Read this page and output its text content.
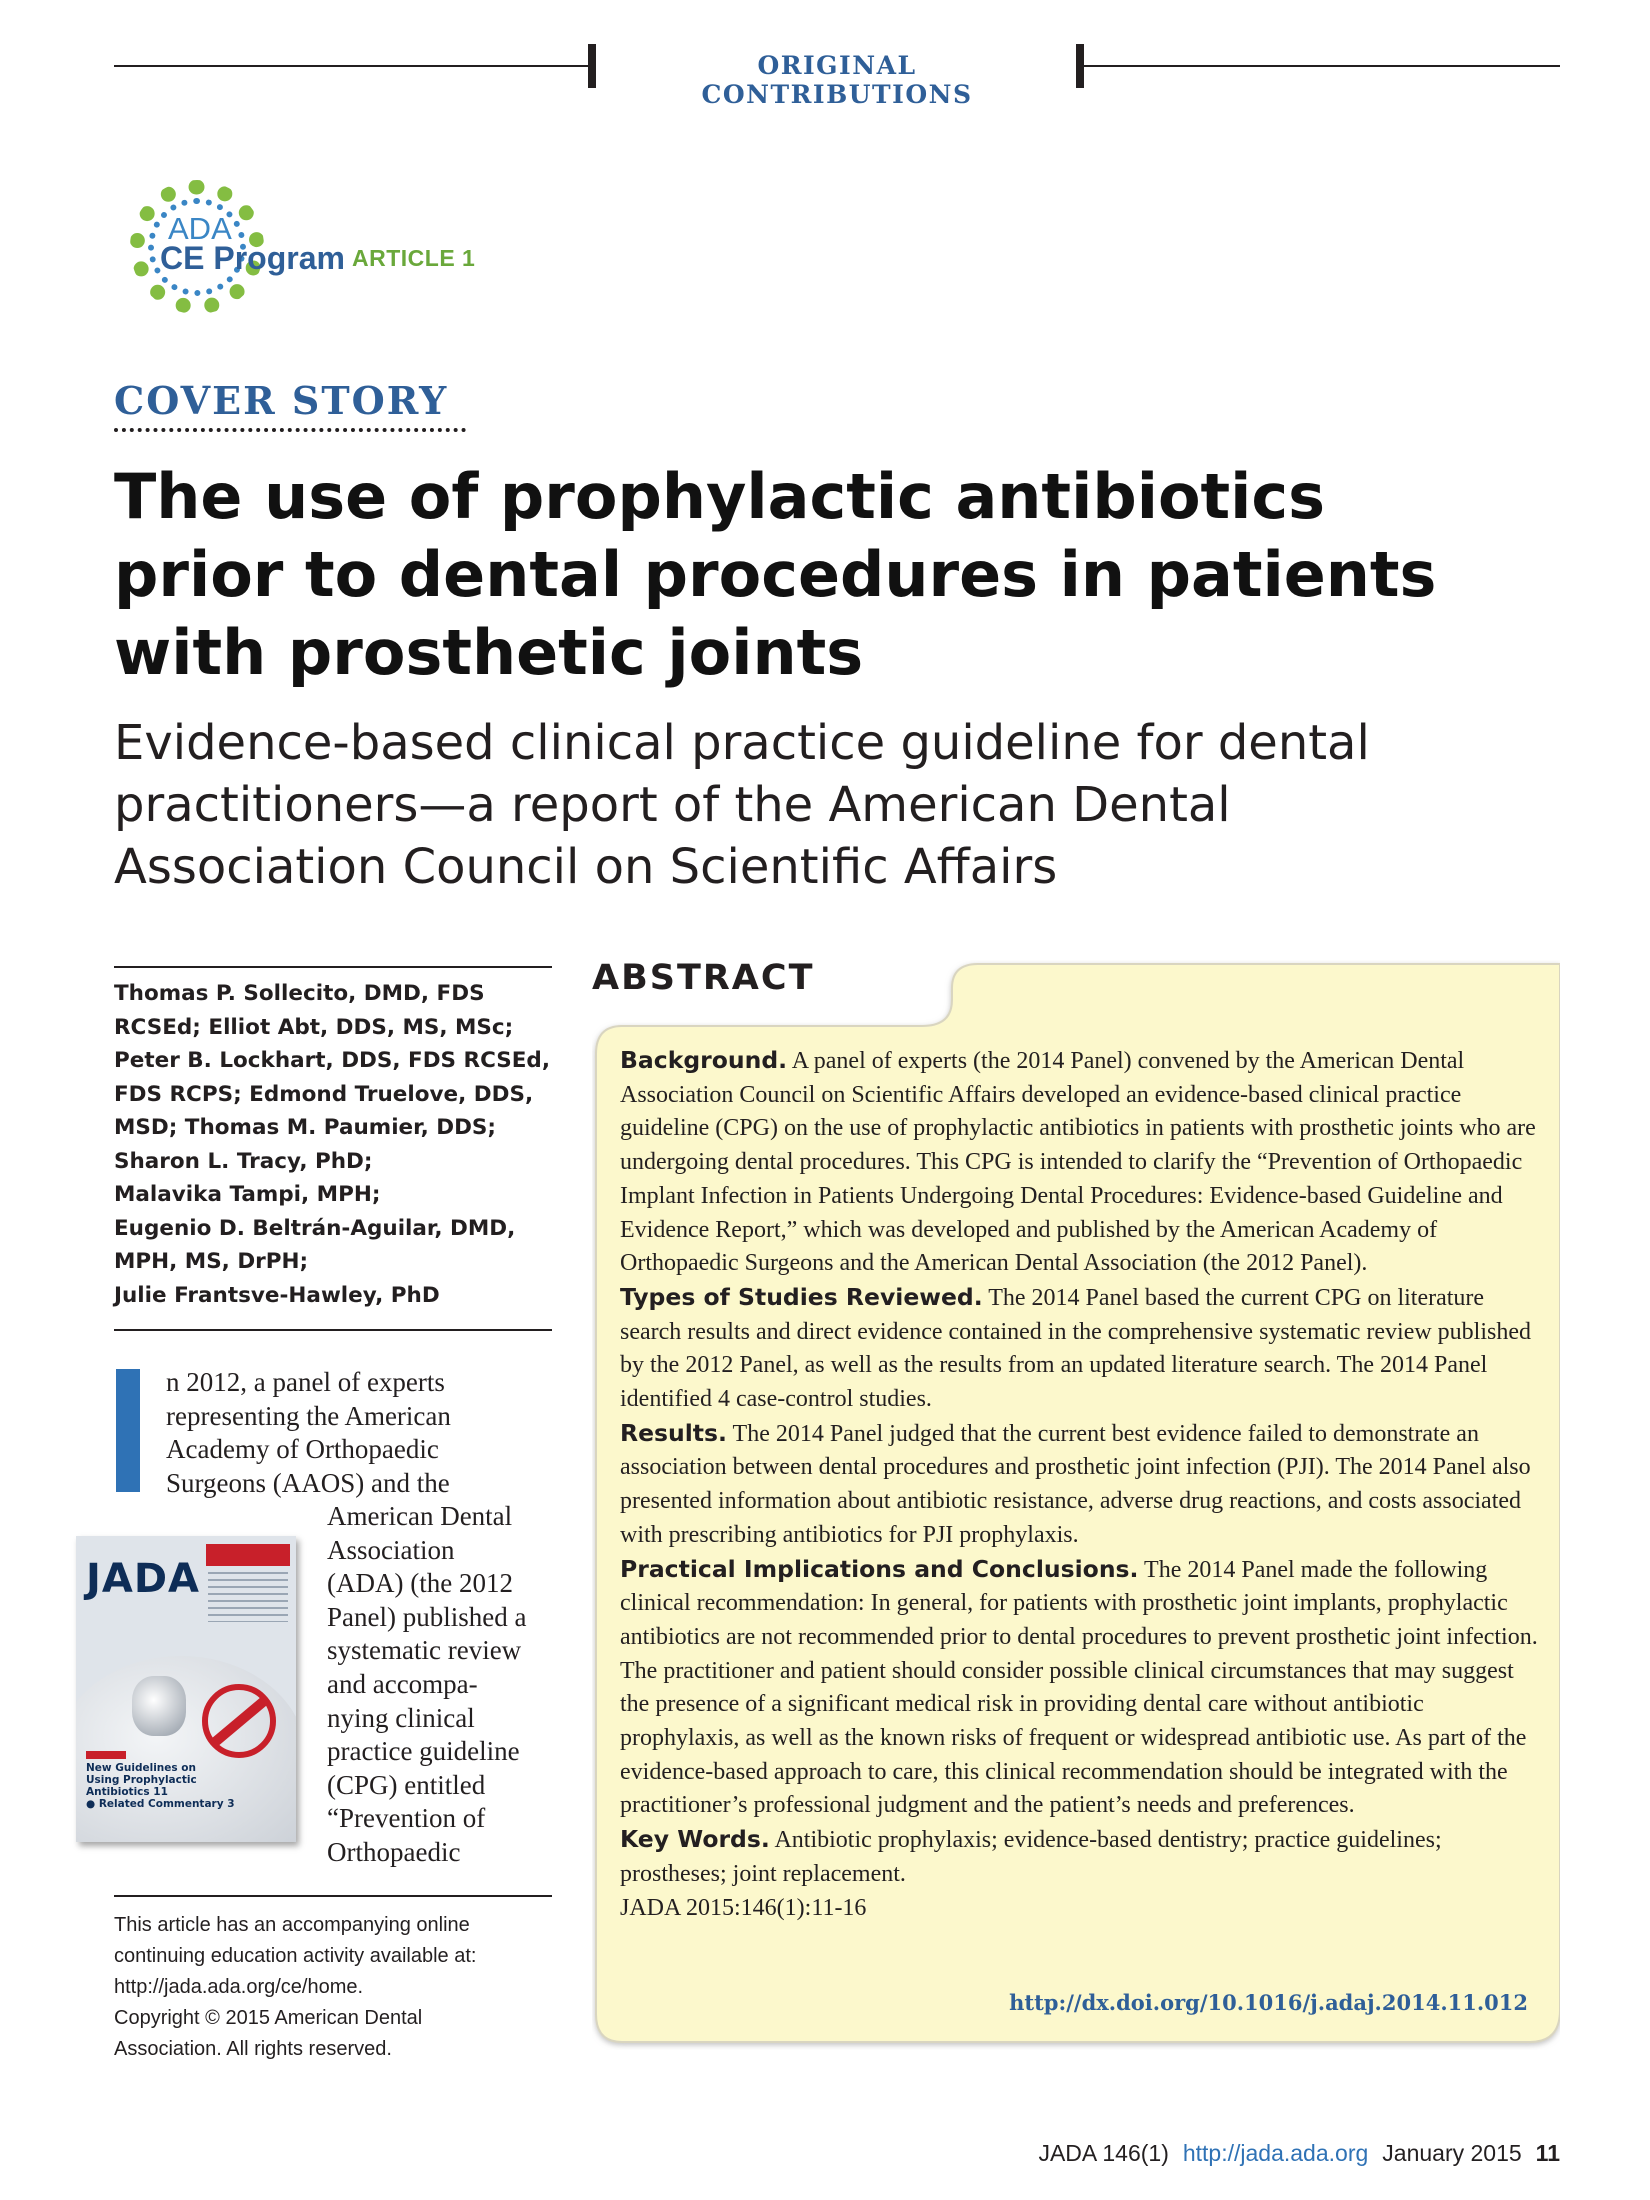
ORIGINAL CONTRIBUTIONS
ADA
CE Program ARTICLE 1
COVER STORY
The use of prophylactic antibiotics
prior to dental procedures in patients
with prosthetic joints
Evidence-based clinical practice guideline for dental
practitioners—a report of the American Dental
Association Council on Scientific Affairs
Thomas P. Sollecito, DMD, FDS
RCSEd; Elliot Abt, DDS, MS, MSc;
Peter B. Lockhart, DDS, FDS RCSEd,
FDS RCPS; Edmond Truelove, DDS,
MSD; Thomas M. Paumier, DDS;
Sharon L. Tracy, PhD;
Malavika Tampi, MPH;
Eugenio D. Beltrán-Aguilar, DMD,
MPH, MS, DrPH;
Julie Frantsve-Hawley, PhD
n 2012, a panel of experts
representing the American
Academy of Orthopaedic
Surgeons (AAOS) and the
American Dental
Association
(ADA) (the 2012
Panel) published a
systematic review
and accompa-
nying clinical
practice guideline
(CPG) entitled
“Prevention of
Orthopaedic
JADA
New Guidelines on
Using Prophylactic
Antibiotics 11
● Related Commentary 3
This article has an accompanying online
continuing education activity available at:
http://jada.ada.org/ce/home.
Copyright © 2015 American Dental
Association. All rights reserved.
ABSTRACT

Background. A panel of experts (the 2014 Panel) convened by the American Dental Association Council on Scientific Affairs developed an evidence-based clinical practice guideline (CPG) on the use of prophylactic antibiotics in patients with prosthetic joints who are undergoing dental procedures. This CPG is intended to clarify the “Prevention of Orthopaedic Implant Infection in Patients Undergoing Dental Procedures: Evidence-based Guideline and Evidence Report,” which was developed and published by the American Academy of Orthopaedic Surgeons and the American Dental Association (the 2012 Panel).

Types of Studies Reviewed. The 2014 Panel based the current CPG on literature search results and direct evidence contained in the comprehensive systematic review published by the 2012 Panel, as well as the results from an updated literature search. The 2014 Panel identified 4 case-control studies.

Results. The 2014 Panel judged that the current best evidence failed to demonstrate an association between dental procedures and prosthetic joint infection (PJI). The 2014 Panel also presented information about antibiotic resistance, adverse drug reactions, and costs associated with prescribing antibiotics for PJI prophylaxis.

Practical Implications and Conclusions. The 2014 Panel made the following clinical recommendation: In general, for patients with prosthetic joint implants, prophylactic antibiotics are not recommended prior to dental procedures to prevent prosthetic joint infection. The practitioner and patient should consider possible clinical circumstances that may suggest the presence of a significant medical risk in providing dental care without antibiotic prophylaxis, as well as the known risks of frequent or widespread antibiotic use. As part of the evidence-based approach to care, this clinical recommendation should be integrated with the practitioner’s professional judgment and the patient’s needs and preferences.

Key Words. Antibiotic prophylaxis; evidence-based dentistry; practice guidelines; prostheses; joint replacement.

JADA 2015:146(1):11-16

http://dx.doi.org/10.1016/j.adaj.2014.11.012
JADA 146(1) http://jada.ada.org January 2015 11
